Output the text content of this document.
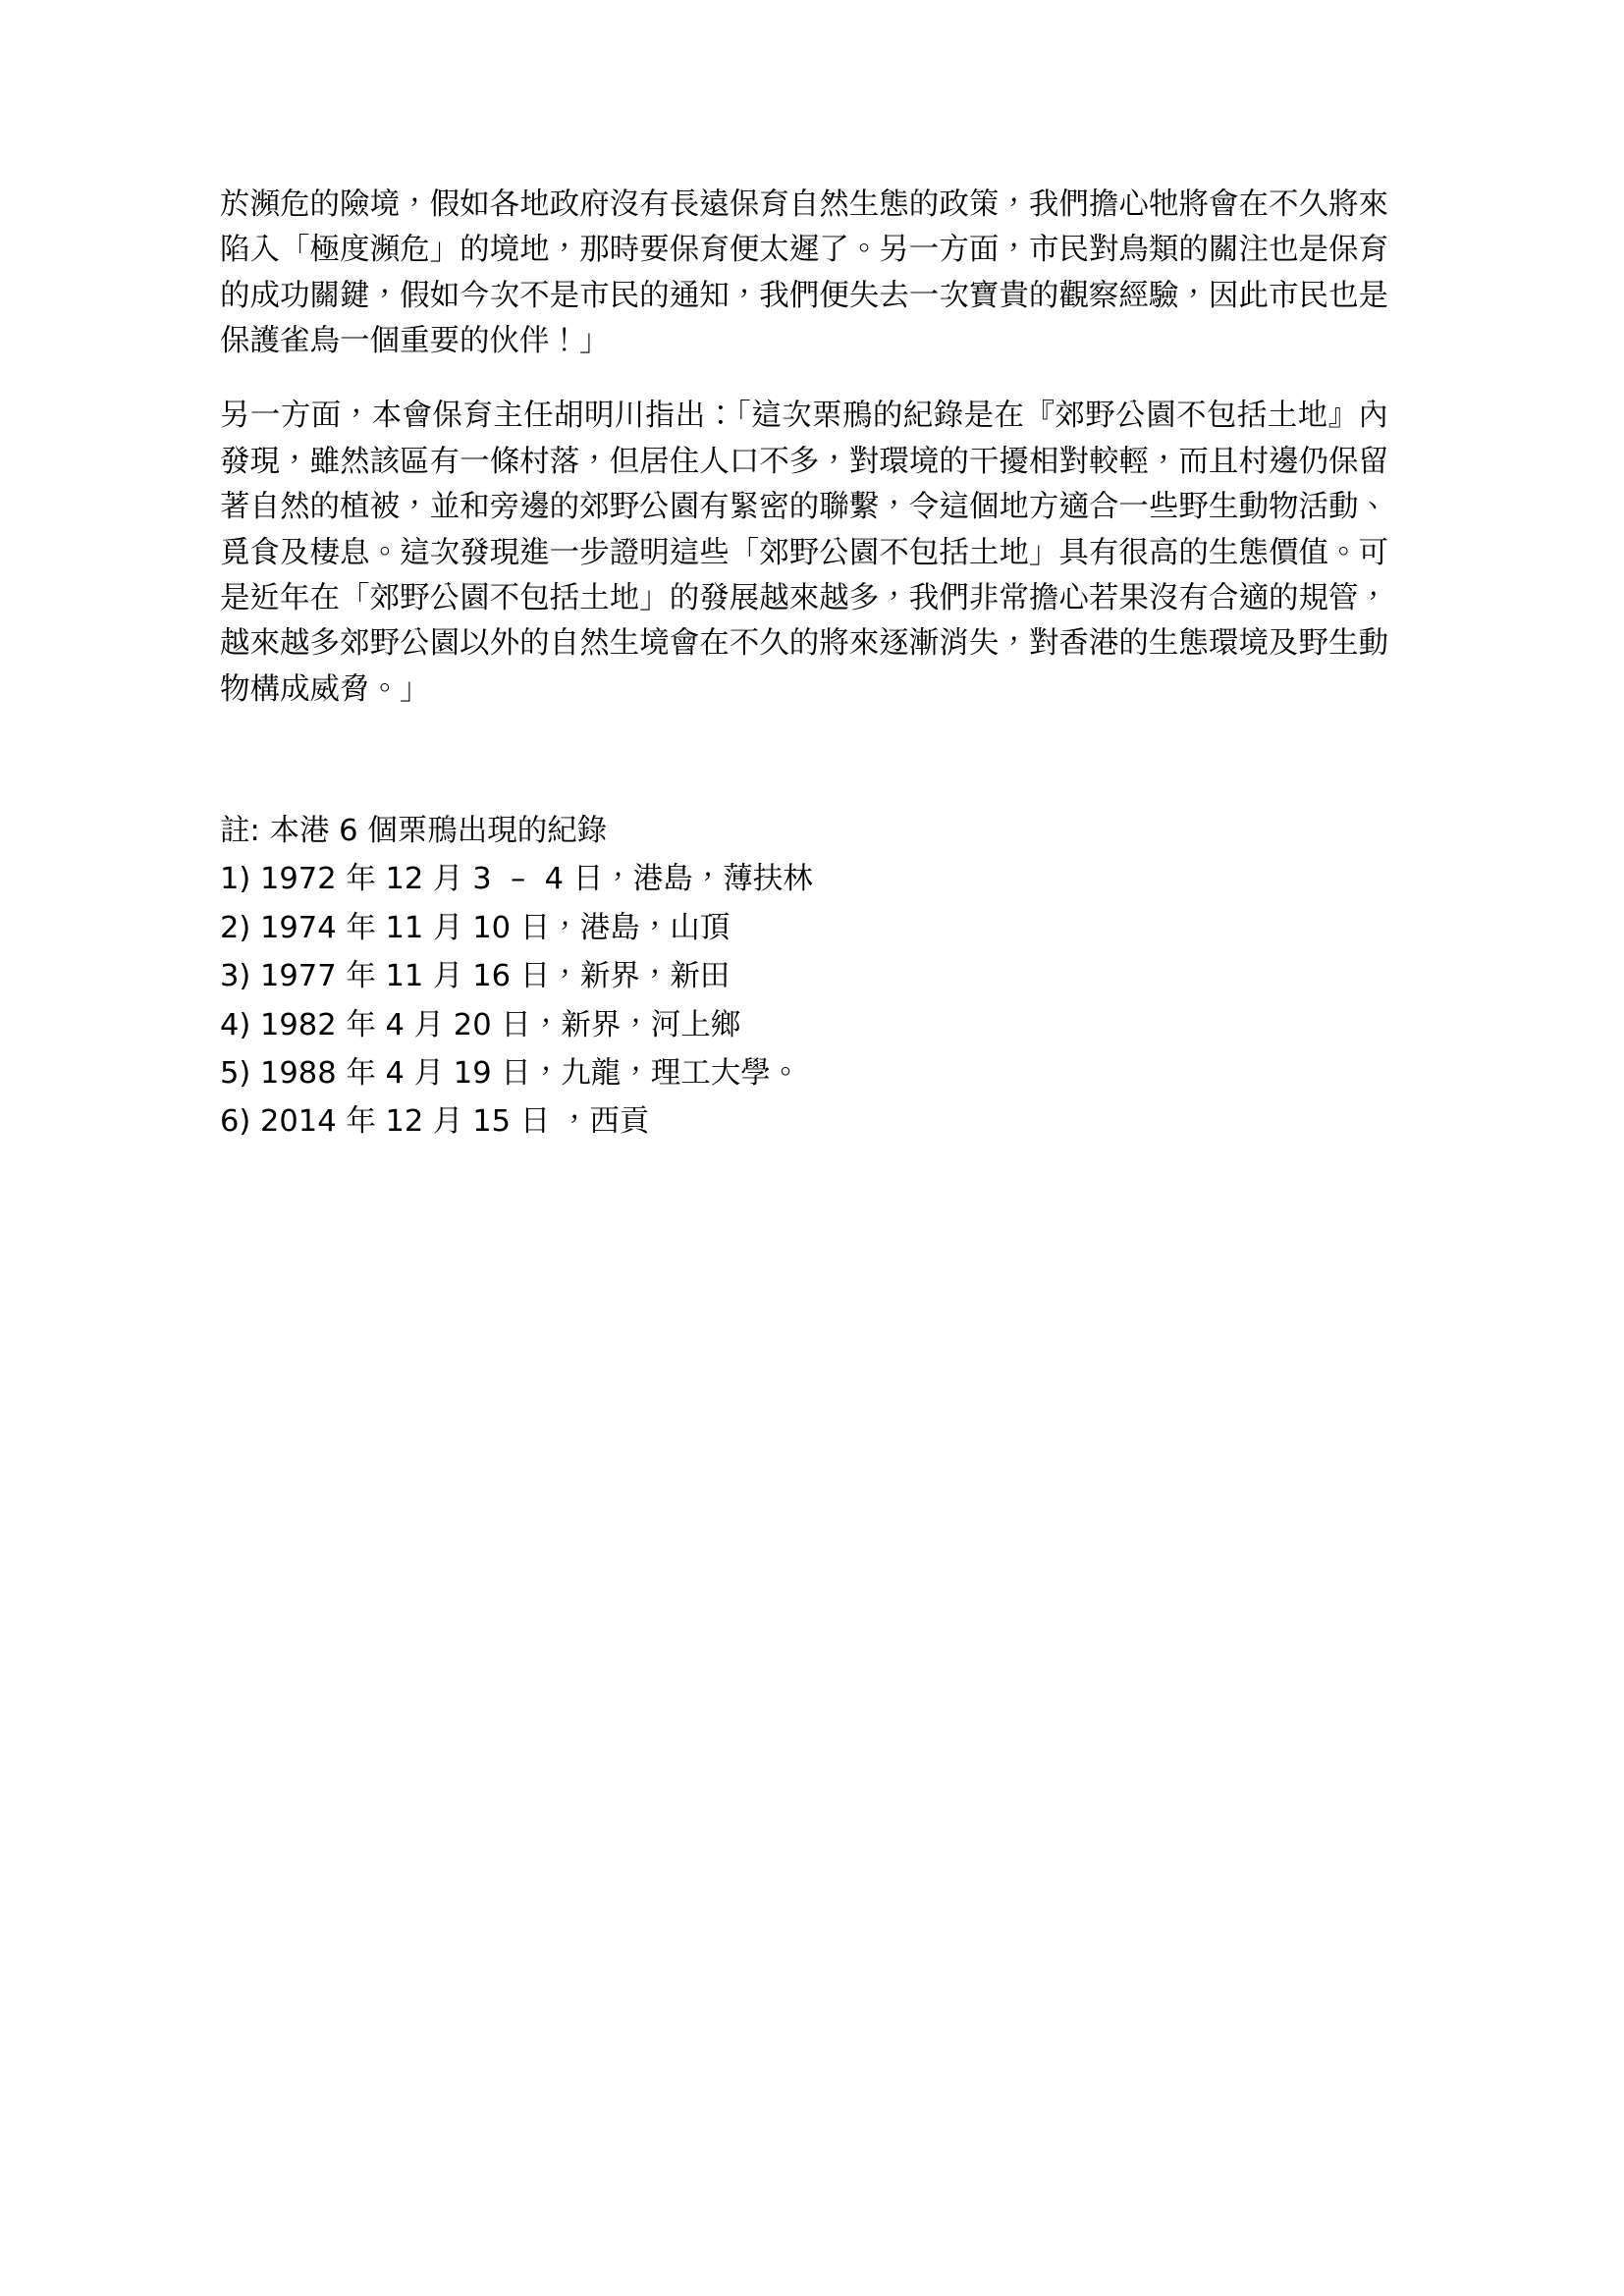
於瀕危的險境，假如各地政府沒有長遠保育自然生態的政策，我們擔心牠將會在不久將來陷入「極度瀕危」的境地，那時要保育便太遲了。另一方面，市民對鳥類的關注也是保育的成功關鍵，假如今次不是市民的通知，我們便失去一次寶貴的觀察經驗，因此市民也是保護雀鳥一個重要的伙伴！」

另一方面，本會保育主任胡明川指出：「這次栗鳽的紀錄是在『郊野公園不包括土地』內發現，雖然該區有一條村落，但居住人口不多，對環境的干擾相對較輕，而且村邊仍保留著自然的植被，並和旁邊的郊野公園有緊密的聯繫，令這個地方適合一些野生動物活動、覓食及棲息。這次發現進一步證明這些「郊野公園不包括土地」具有很高的生態價值。可是近年在「郊野公園不包括土地」的發展越來越多，我們非常擔心若果沒有合適的規管，越來越多郊野公園以外的自然生境會在不久的將來逐漸消失，對香港的生態環境及野生動物構成威脅。」

註: 本港 6 個栗鳽出現的紀錄
1) 1972 年 12 月 3  –  4 日，港島，薄扶林
2) 1974 年 11 月 10 日，港島，山頂
3) 1977 年 11 月 16 日，新界，新田
4) 1982 年 4 月 20 日，新界，河上鄉
5) 1988 年 4 月 19 日，九龍，理工大學。
6) 2014 年 12 月 15 日 ，西貢
